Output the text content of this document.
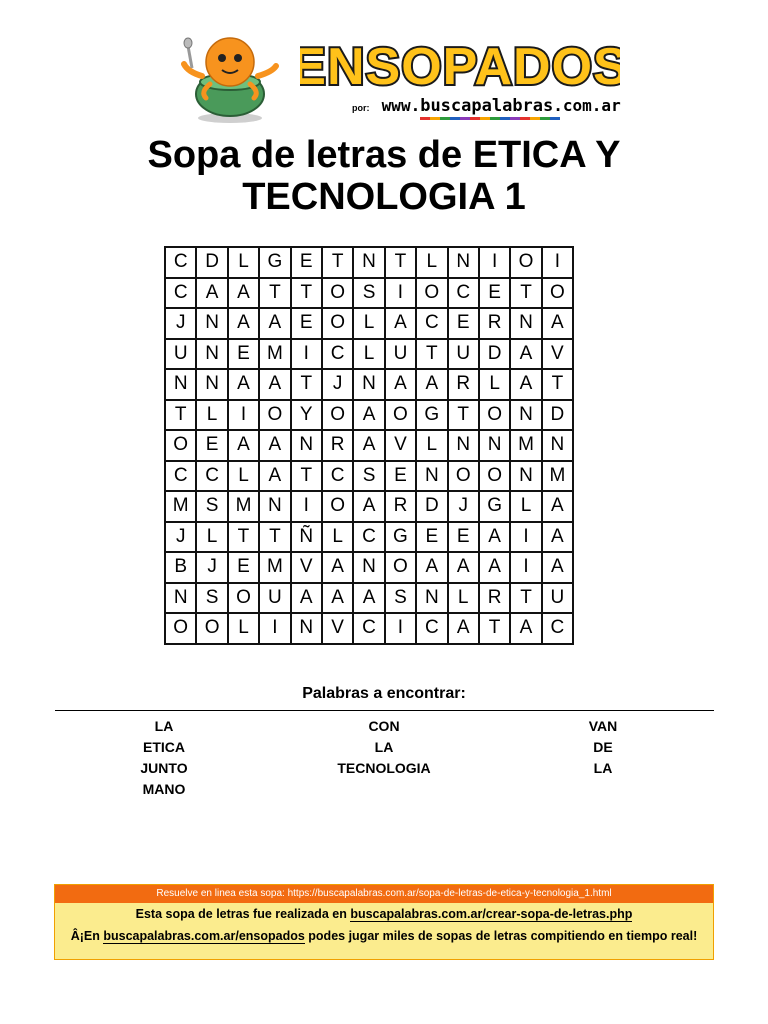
ENSOPADOS
por: www.buscapalabras.com.ar
Sopa de letras de ETICA Y
TECNOLOGIA 1
C	D	L	G	E	T	N	T	L	N	I	O	I
C	A	A	T	T	O	S	I	O	C	E	T	O
J	N	A	A	E	O	L	A	C	E	R	N	A
U	N	E	M	I	C	L	U	T	U	D	A	V
N	N	A	A	T	J	N	A	A	R	L	A	T
T	L	I	O	Y	O	A	O	G	T	O	N	D
O	E	A	A	N	R	A	V	L	N	N	M	N
C	C	L	A	T	C	S	E	N	O	O	N	M
M	S	M	N	I	O	A	R	D	J	G	L	A
J	L	T	T	Ñ	L	C	G	E	E	A	I	A
B	J	E	M	V	A	N	O	A	A	A	I	A
N	S	O	U	A	A	A	S	N	L	R	T	U
O	O	L	I	N	V	C	I	C	A	T	A	C
Palabras a encontrar:
LA
ETICA
JUNTO
MANO
CON
LA
TECNOLOGIA
VAN
DE
LA
Resuelve en linea esta sopa: https://buscapalabras.com.ar/sopa-de-letras-de-etica-y-tecnologia_1.html
Esta sopa de letras fue realizada en buscapalabras.com.ar/crear-sopa-de-letras.php
Â¡En buscapalabras.com.ar/ensopados podes jugar miles de sopas de letras compitiendo en tiempo real!
